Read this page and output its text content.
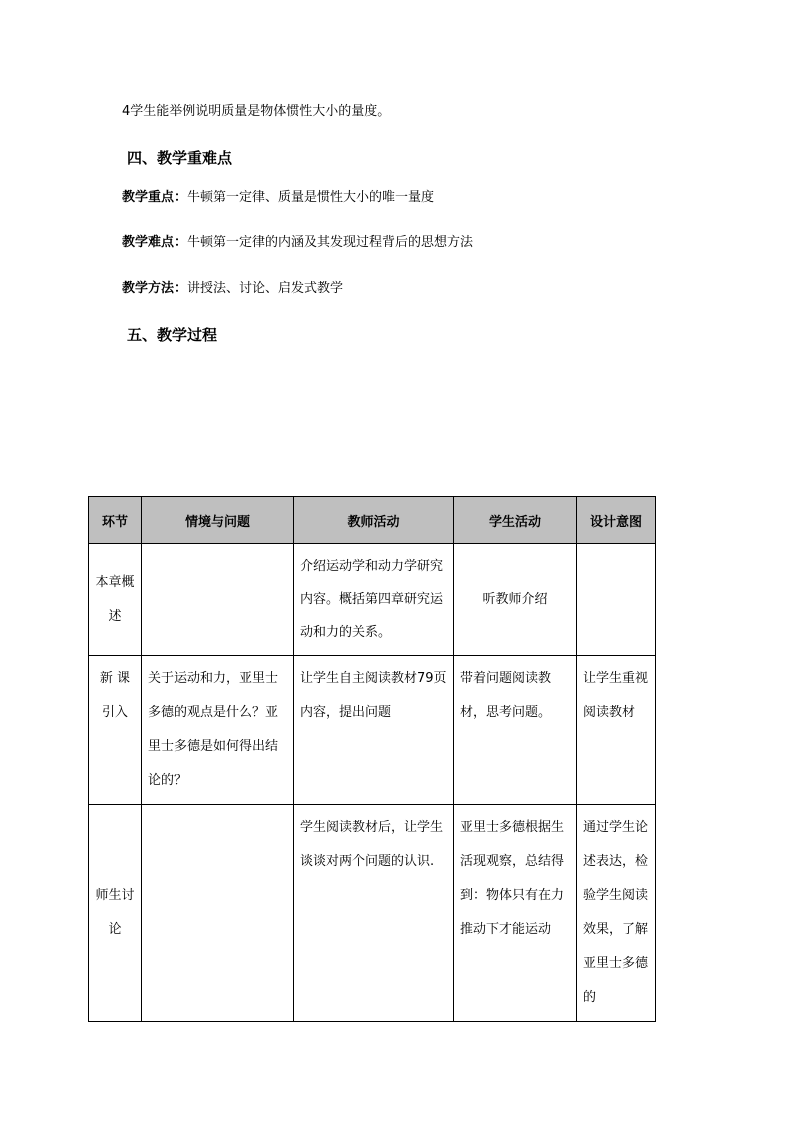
4学生能举例说明质量是物体惯性大小的量度。
四、教学重难点
教学重点：牛顿第一定律、质量是惯性大小的唯一量度
教学难点：牛顿第一定律的内涵及其发现过程背后的思想方法
教学方法：讲授法、讨论、启发式教学
五、教学过程
环节	情境与问题	教师活动	学生活动	设计意图

本章概述		介绍运动学和动力学研究内容。概括第四章研究运动和力的关系。	听教师介绍	

新 课引入	关于运动和力，亚里士多德的观点是什么？亚里士多德是如何得出结论的？	让学生自主阅读教材79页内容，提出问题	带着问题阅读教材，思考问题。	让学生重视阅读教材

师生讨论		学生阅读教材后，让学生谈谈对两个问题的认识.	亚里士多德根据生活现观察，总结得到：物体只有在力推动下才能运动	通过学生论述表达，检验学生阅读效果，了解亚里士多德的
